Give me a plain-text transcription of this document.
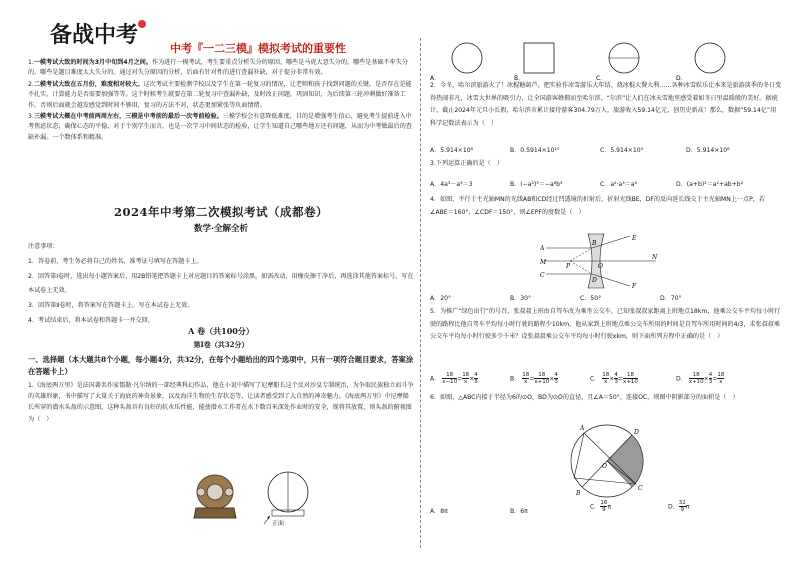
备战中考
中考『一二三模』模拟考试的重要性

1.一模考试大致的时间为3月中旬到4月之间。作为进行一模考试，考生要重点分析失分的原因，哪些是马虎大意失分的，哪些是基础不牢失分的，哪些是题目难度太大失分的。通过对失分原因的分析，后面有针对性的进行查漏补缺，对于提分非常有效。

2.二模考试大致在五月份，难度相对较大。这次考试主要检测学校以及学生在第一轮复习的情况，让老师和孩子找到问题的关键，是否存在是能不扎实，计算能力是否需要加强等等。这个时候考生就要在第二轮复习中查漏补缺，及时改正问题，巩固知识，为后续第三轮冲刺做好准备工作，否则后面就会越发感觉到时间不够用，复习的方法不对，状态更加紧张等负面情绪。

3.三模考试大概在中考前两周左右，三模是中考前的最后一次考前检验。三模学校会有意降低难度，目的是增强考生信心，避免考生提前进入中考焦虑状态，确保心态的平稳，对于个别学生而言，也是一次学习中间状态的检验，让学生知道自己哪些地方还有问题，从而为中考做最后的查缺补漏。一个数体系和精准。

2024年中考第二次模拟考试（成都卷）
数学·全解全析
注意事项：
1．答卷前，考生务必将自己的姓名、准考证号填写在答题卡上。
2．回答第Ⅰ卷时，选出每小题答案后，用2B铅笔把答题卡上对应题目的答案标号涂黑。如需改动，用橡皮擦干净后，再选涂其他答案标号。写在本试卷上无效。
3．回答第Ⅱ卷时，将答案写在答题卡上。写在本试卷上无效。
4．考试结束后，将本试卷和答题卡一并交回。
A 卷（共100分）
第Ⅰ卷（共32分）
一、选择题（本大题共8个小题，每小题4分，共32分，在每个小题给出的四个选项中，只有一项符合题目要求，答案涂在答题卡上）
1.《海底两万里》是法国著名作家儒勒·凡尔纳的一部经典科幻作品，他在小说中描写了尼摩船长这个反对沙皇专制统治，为争取民族独立而斗争的英雄形象，书中描写了大量关于海底的神奇景象，以及海洋生物的生存状态等，让读者感受到了大自然的神奇魅力。《海底两万里》中尼摩船长所穿的潜水头盔的示意图，这种头盔具有良好的抗水压性能，能使潜水工作者在水下数百米深处作业时的安全，现将其放置，则头盔的俯视图为（　）
正面
A．	B．	C．	D．
2．今冬，哈尔滨旅游火了！冰棍糖葫芦、把实验作冰雪游乐大年结、烧冰棍大餐大利……各种冰雪娱乐让本来是旅游淡季的冬日变得热闹非凡，冰雪大世界的吸引力，让全国游客蜂拥而至哈尔滨。“尔滨”让人们在冰天雪地里感受着如冬日里温暖般的美好。据统计，截止2024年元旦小长假，哈尔滨市累计接待游客304.79万人，旅游收入59.14亿元，创历史新高！那么，数据“59.14亿”用科学记数法表示为（　）
A．5.914×10⁸	B．0.5914×10¹⁰	C．5.914×10⁹	D．5.914×10⁸
3.下列运算正确的是（　）
A．4a³－a³＝3	B．(−a²)³＝−a⁶b³	C．a²·a³＝a⁶	D．(a+b)²＝a²+ab+b²
4．如图，平行于主光轴MN的光线AB和CD经过凹透镜的折射后，折射光线BE，DF的反向延长线交于主光轴MN上一点P，若∠ABE＝160°，∠CDF＝150°，则∠EPF的度数是（　）
A
B
C
D
E
F
M
N
P	O
A．20°	B．30°	C．50°	D．70°
5．为推广“绿色出行”的号召，张叔叔上班由自驾车改为乘坐公交车，已知张叔叔家距离上班地点18km，他乘公交车平均每小时行驶的路程比他自驾车平均每小时行驶的路程少10km，他从家到上班地点乘公交车所用的时间是自驾车所用时间的4/3，求张叔叔乘公交车平均每小时行驶多少千米？设张叔叔乘公交车平均每小时行驶xkm，则下面所列方程中正确的是（　）
A． $\frac{18}{x-10} = \frac{18}{x} \times \frac{4}{3}$	B． $\frac{18}{x} = \frac{18}{x+10} \times \frac{4}{3}$	C． $\frac{18}{x} \times \frac{4}{3} = \frac{18}{x+10}$	D． $\frac{18}{x+10} \times \frac{4}{3} = \frac{18}{x}$
6．如图，△ABC内接于半径为6的⊙O，BD为⊙O的直径，且∠A＝50°，连接OC，则图中阴影部分的面积是（　）
A
B
C
D
O
A．8π	B．6π
C． $\frac{16}{9}$ π	D． $\frac{32}{9}$ π
